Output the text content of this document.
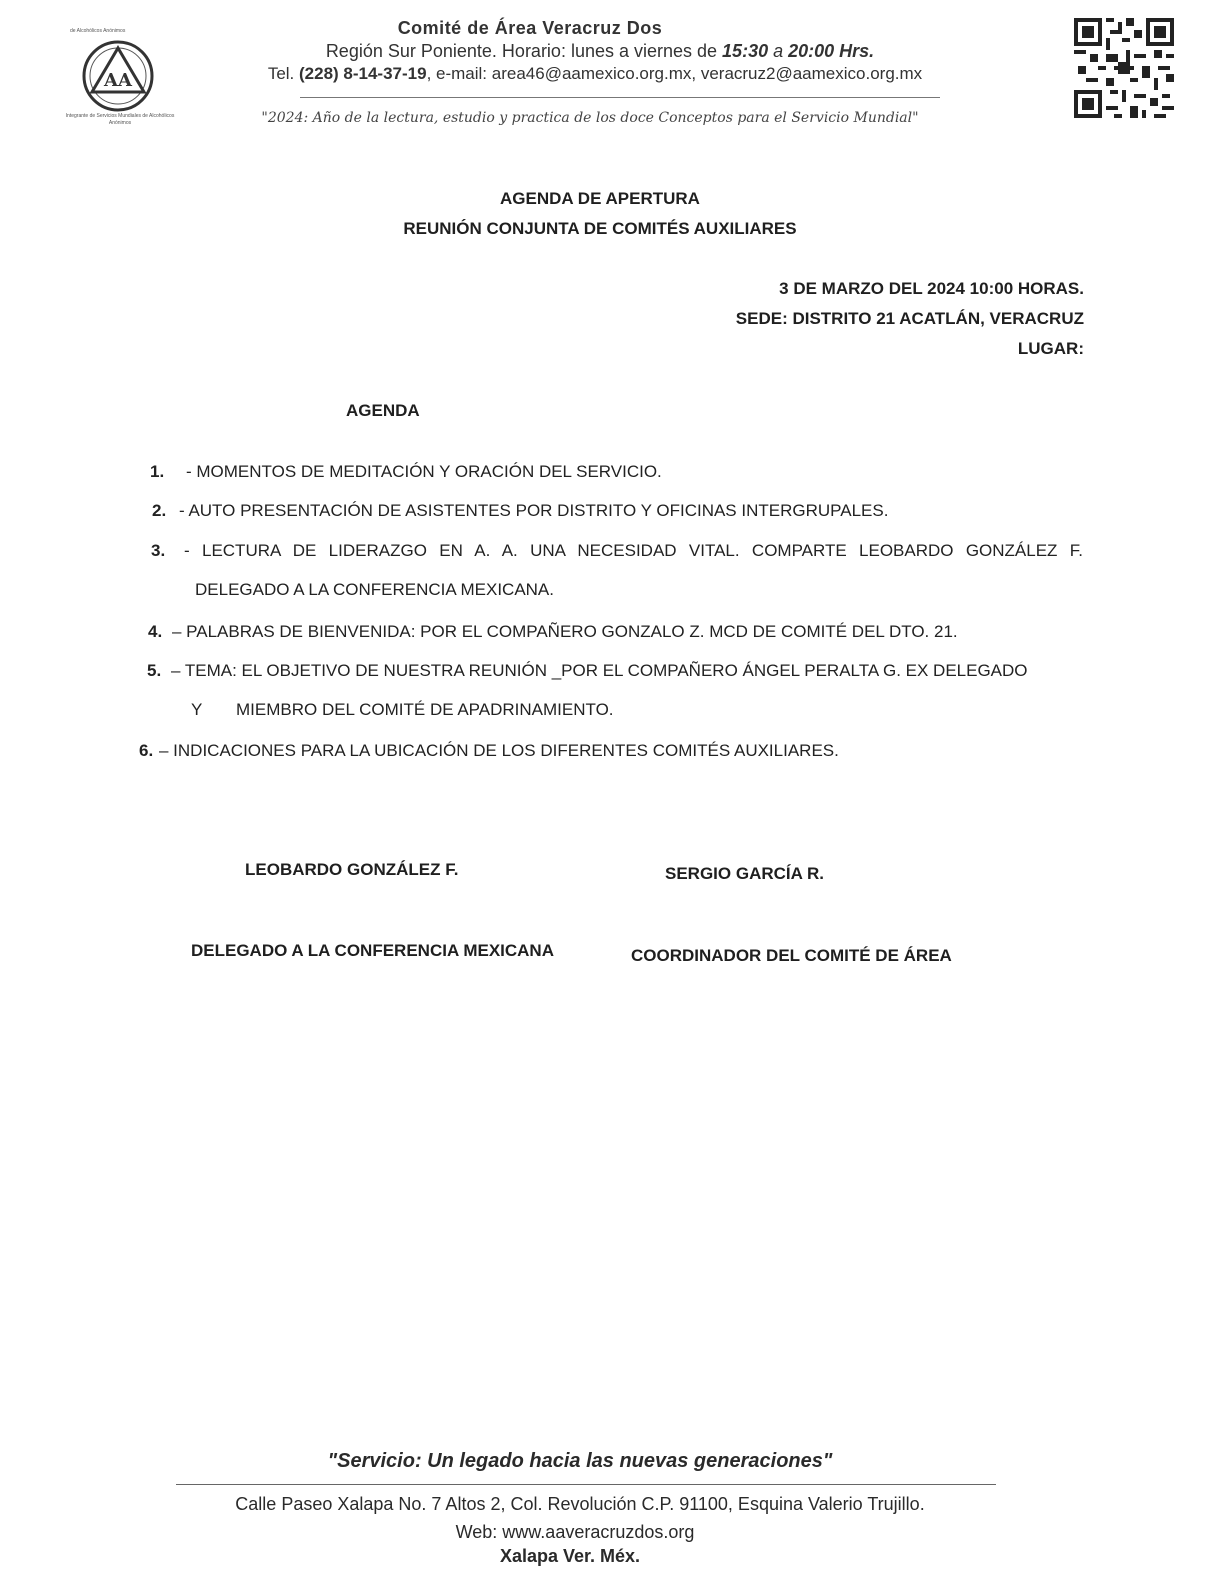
de Alcohólicos Anónimos
AA
Integrante de Servicios Mundiales de Alcohólicos Anónimos
Comité de Área Veracruz Dos
Región Sur Poniente. Horario: lunes a viernes de 15:30 a 20:00 Hrs.
Tel. (228) 8-14-37-19, e-mail: area46@aamexico.org.mx, veracruz2@aamexico.org.mx
"2024: Año de la lectura, estudio y practica de los doce Conceptos para el Servicio Mundial"
AGENDA DE APERTURA
REUNIÓN CONJUNTA DE COMITÉS AUXILIARES
3 DE MARZO DEL 2024 10:00 HORAS.
SEDE: DISTRITO 21 ACATLÁN, VERACRUZ
LUGAR:
AGENDA
1. - MOMENTOS DE MEDITACIÓN Y ORACIÓN DEL SERVICIO.
2. - AUTO PRESENTACIÓN DE ASISTENTES POR DISTRITO Y OFICINAS INTERGRUPALES.
3. - LECTURA DE LIDERAZGO EN A. A. UNA NECESIDAD VITAL. COMPARTE LEOBARDO GONZÁLEZ F.
DELEGADO A LA CONFERENCIA MEXICANA.
4. – PALABRAS DE BIENVENIDA: POR EL COMPAÑERO GONZALO Z. MCD DE COMITÉ DEL DTO. 21.
5. – TEMA: EL OBJETIVO DE NUESTRA REUNIÓN _POR EL COMPAÑERO ÁNGEL PERALTA G. EX DELEGADO
Y MIEMBRO DEL COMITÉ DE APADRINAMIENTO.
6. – INDICACIONES PARA LA UBICACIÓN DE LOS DIFERENTES COMITÉS AUXILIARES.
LEOBARDO GONZÁLEZ F.	SERGIO GARCÍA R.
DELEGADO A LA CONFERENCIA MEXICANA	COORDINADOR DEL COMITÉ DE ÁREA
"Servicio: Un legado hacia las nuevas generaciones"
Calle Paseo Xalapa No. 7 Altos 2, Col. Revolución C.P. 91100, Esquina Valerio Trujillo.
Web: www.aaveracruzdos.org
Xalapa Ver. Méx.
